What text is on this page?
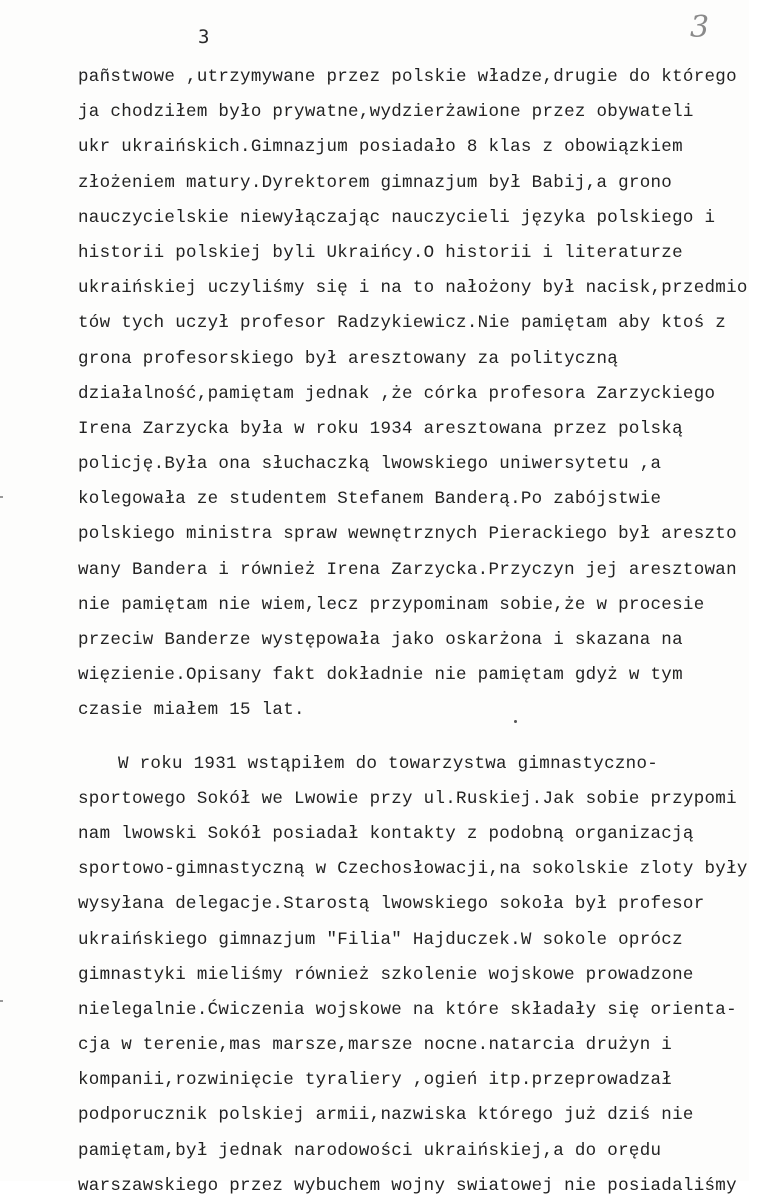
3	3
pañstwowe ,utrzymywane przez polskie władze,drugie do którego
ja chodziłem było prywatne,wydzierżawione przez obywateli
ukr ukraińskich.Gimnazjum posiadało 8 klas z obowiązkiem
złożeniem matury.Dyrektorem gimnazjum był Babij,a grono
nauczycielskie niewyłączając nauczycieli języka polskiego i
historii polskiej byli Ukraińcy.O historii i literaturze
ukraińskiej uczyliśmy się i na to nałożony był nacisk,przedmio
tów tych uczył profesor Radzykiewicz.Nie pamiętam aby ktoś z
grona profesorskiego był aresztowany za polityczną
działalność,pamiętam jednak ,że córka profesora Zarzyckiego
Irena Zarzycka była w roku 1934 aresztowana przez polską
policję.Była ona słuchaczką lwowskiego uniwersytetu ,a
kolegowała ze studentem Stefanem Banderą.Po zabójstwie
polskiego ministra spraw wewnętrznych Pierackiego był areszto
wany Bandera i również Irena Zarzycka.Przyczyn jej aresztowan
nie pamiętam nie wiem,lecz przypominam sobie,że w procesie
przeciw Banderze występowała jako oskarżona i skazana na
więzienie.Opisany fakt dokładnie nie pamiętam gdyż w tym
czasie miałem 15 lat.
W roku 1931 wstąpiłem do towarzystwa gimnastyczno-
sportowego Sokół we Lwowie przy ul.Ruskiej.Jak sobie przypomi
nam lwowski Sokół posiadał kontakty z podobną organizacją
sportowo-gimnastyczną w Czechosłowacji,na sokolskie zloty były
wysyłana delegacje.Starostą lwowskiego sokoła był profesor
ukraińskiego gimnazjum "Filia" Hajduczek.W sokole oprócz
gimnastyki mieliśmy również szkolenie wojskowe prowadzone
nielegalnie.Ćwiczenia wojskowe na które składały się orienta-
cja w terenie,mas marsze,marsze nocne.natarcia drużyn i
kompanii,rozwinięcie tyraliery ,ogień itp.przeprowadzał
podporucznik polskiej armii,nazwiska którego już dziś nie
pamiętam,był jednak narodowości ukraińskiej,a do orędu
warszawskiego przez wybuchem wojny swiatowej nie posiadaliśmy
